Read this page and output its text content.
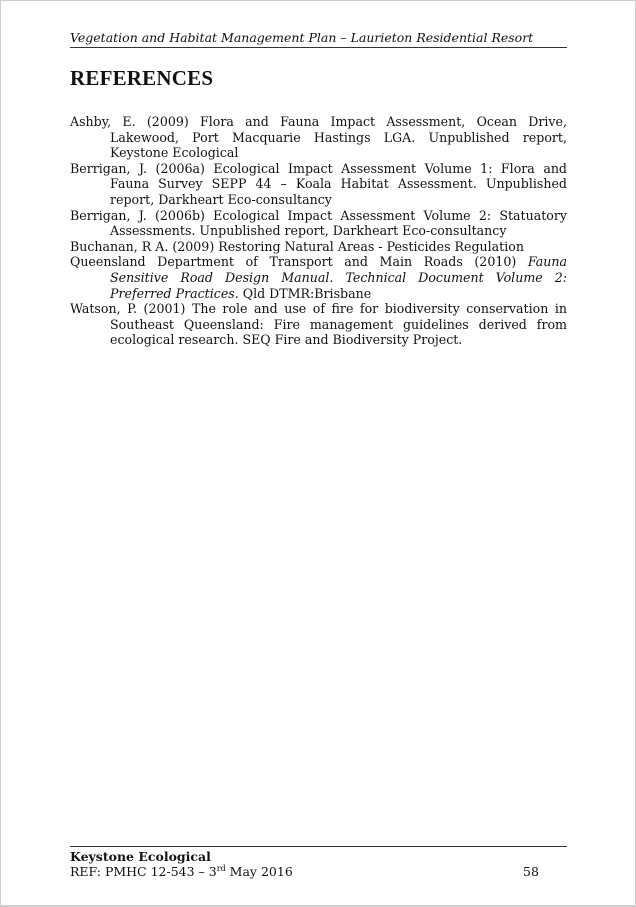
Vegetation and Habitat Management Plan – Laurieton Residential Resort
REFERENCES
Ashby, E. (2009) Flora and Fauna Impact Assessment, Ocean Drive, Lakewood, Port Macquarie Hastings LGA. Unpublished report, Keystone Ecological
Berrigan, J. (2006a) Ecological Impact Assessment Volume 1: Flora and Fauna Survey SEPP 44 – Koala Habitat Assessment. Unpublished report, Darkheart Eco-consultancy
Berrigan, J. (2006b) Ecological Impact Assessment Volume 2: Statuatory Assessments. Unpublished report, Darkheart Eco-consultancy
Buchanan, R A. (2009) Restoring Natural Areas - Pesticides Regulation
Queensland Department of Transport and Main Roads (2010) Fauna Sensitive Road Design Manual. Technical Document Volume 2: Preferred Practices. Qld DTMR:Brisbane
Watson, P. (2001) The role and use of fire for biodiversity conservation in Southeast Queensland: Fire management guidelines derived from ecological research. SEQ Fire and Biodiversity Project.
Keystone Ecological
REF: PMHC 12-543 – 3rd May 2016	58
